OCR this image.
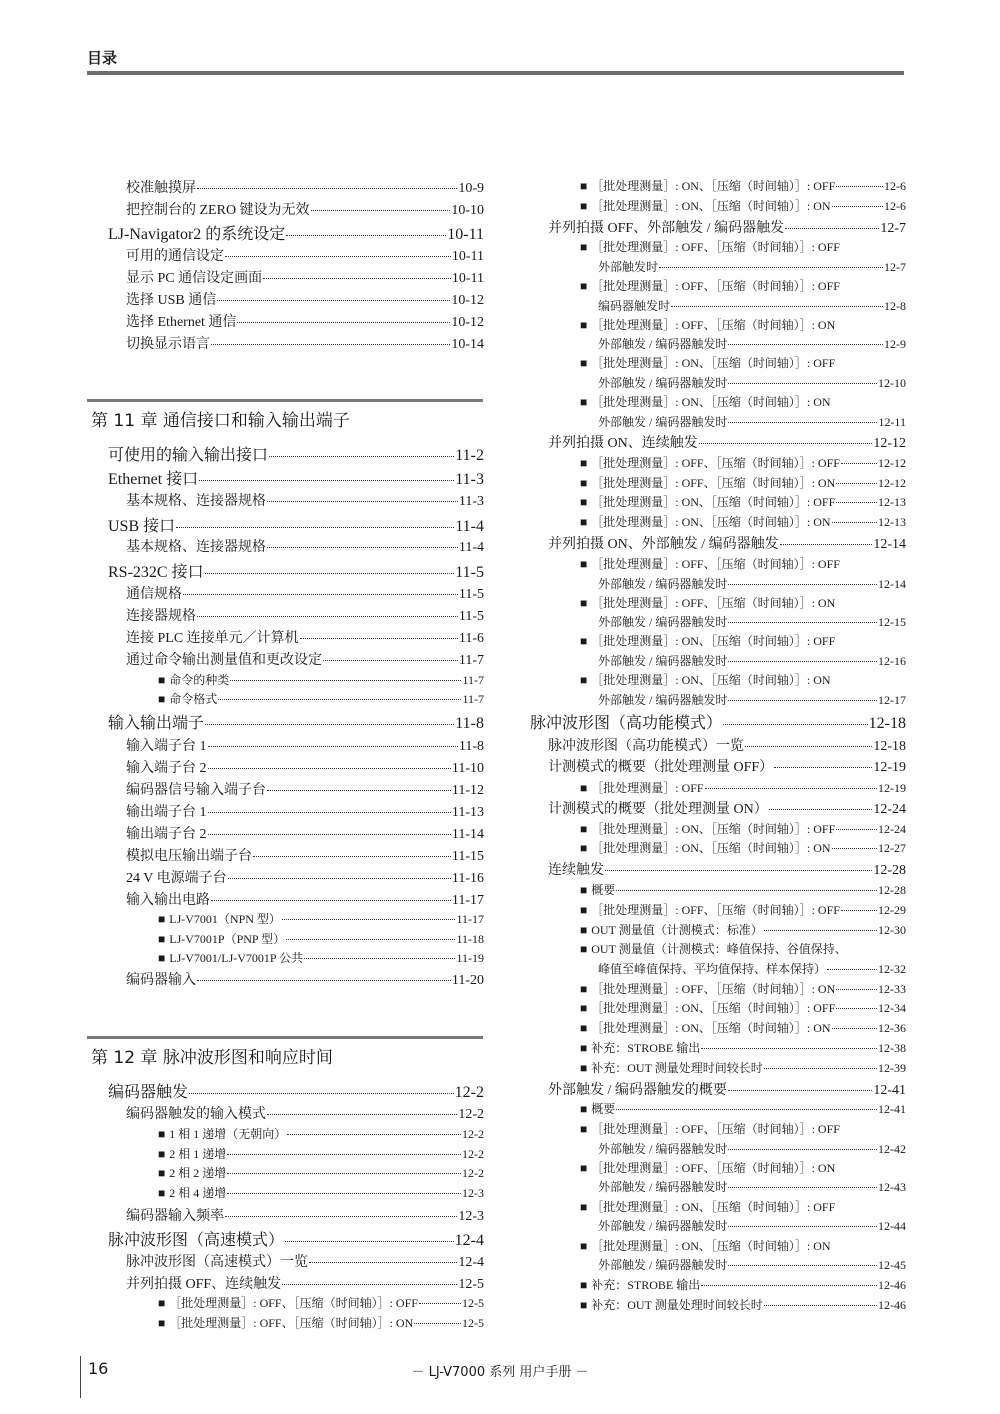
目录
校准触摸屏	10-9
把控制台的 ZERO 键设为无效	10-10
LJ-Navigator2 的系统设定	10-11
可用的通信设定	10-11
显示 PC 通信设定画面	10-11
选择 USB 通信	10-12
选择 Ethernet 通信	10-12
切换显示语言	10-14
第 11 章 通信接口和输入输出端子
可使用的输入输出接口	11-2
Ethernet 接口	11-3
基本规格、连接器规格	11-3
USB 接口	11-4
基本规格、连接器规格	11-4
RS-232C 接口	11-5
通信规格	11-5
连接器规格	11-5
连接 PLC 连接单元／计算机	11-6
通过命令输出测量值和更改设定	11-7
■ 命令的种类	11-7
■ 命令格式	11-7
输入输出端子	11-8
输入端子台 1	11-8
输入端子台 2	11-10
编码器信号输入端子台	11-12
输出端子台 1	11-13
输出端子台 2	11-14
模拟电压输出端子台	11-15
24 V 电源端子台	11-16
输入输出电路	11-17
■ LJ-V7001（NPN 型）	11-17
■ LJ-V7001P（PNP 型）	11-18
■ LJ-V7001/LJ-V7001P 公共	11-19
编码器输入	11-20
第 12 章 脉冲波形图和响应时间
编码器触发	12-2
编码器触发的输入模式	12-2
■ 1 相 1 递增（无朝向）	12-2
■ 2 相 1 递增	12-2
■ 2 相 2 递增	12-2
■ 2 相 4 递增	12-3
编码器输入频率	12-3
脉冲波形图（高速模式）	12-4
脉冲波形图（高速模式）一览	12-4
并列拍摄 OFF、连续触发	12-5
■ ［批处理测量］: OFF、［压缩（时间轴）］: OFF	12-5
■ ［批处理测量］: OFF、［压缩（时间轴）］: ON	12-5
■ ［批处理测量］: ON、［压缩（时间轴）］: OFF	12-6
■ ［批处理测量］: ON、［压缩（时间轴）］: ON	12-6
并列拍摄 OFF、外部触发 / 编码器触发	12-7
■ ［批处理测量］: OFF、［压缩（时间轴）］: OFF
外部触发时	12-7
■ ［批处理测量］: OFF、［压缩（时间轴）］: OFF
编码器触发时	12-8
■ ［批处理测量］: OFF、［压缩（时间轴）］: ON
外部触发 / 编码器触发时	12-9
■ ［批处理测量］: ON、［压缩（时间轴）］: OFF
外部触发 / 编码器触发时	12-10
■ ［批处理测量］: ON、［压缩（时间轴）］: ON
外部触发 / 编码器触发时	12-11
并列拍摄 ON、连续触发	12-12
■ ［批处理测量］: OFF、［压缩（时间轴）］: OFF	12-12
■ ［批处理测量］: OFF、［压缩（时间轴）］: ON	12-12
■ ［批处理测量］: ON、［压缩（时间轴）］: OFF	12-13
■ ［批处理测量］: ON、［压缩（时间轴）］: ON	12-13
并列拍摄 ON、外部触发 / 编码器触发	12-14
■ ［批处理测量］: OFF、［压缩（时间轴）］: OFF
外部触发 / 编码器触发时	12-14
■ ［批处理测量］: OFF、［压缩（时间轴）］: ON
外部触发 / 编码器触发时	12-15
■ ［批处理测量］: ON、［压缩（时间轴）］: OFF
外部触发 / 编码器触发时	12-16
■ ［批处理测量］: ON、［压缩（时间轴）］: ON
外部触发 / 编码器触发时	12-17
脉冲波形图（高功能模式）	12-18
脉冲波形图（高功能模式）一览	12-18
计测模式的概要（批处理测量 OFF）	12-19
■ ［批处理测量］: OFF	12-19
计测模式的概要（批处理测量 ON）	12-24
■ ［批处理测量］: ON、［压缩（时间轴）］: OFF	12-24
■ ［批处理测量］: ON、［压缩（时间轴）］: ON	12-27
连续触发	12-28
■ 概要	12-28
■ ［批处理测量］: OFF、［压缩（时间轴）］: OFF	12-29
■ OUT 测量值（计测模式：标准）	12-30
■ OUT 测量值（计测模式：峰值保持、谷值保持、
峰值至峰值保持、平均值保持、样本保持）	12-32
■ ［批处理测量］: OFF、［压缩（时间轴）］: ON	12-33
■ ［批处理测量］: ON、［压缩（时间轴）］: OFF	12-34
■ ［批处理测量］: ON、［压缩（时间轴）］: ON	12-36
■ 补充：STROBE 输出	12-38
■ 补充：OUT 测量处理时间较长时	12-39
外部触发 / 编码器触发的概要	12-41
■ 概要	12-41
■ ［批处理测量］: OFF、［压缩（时间轴）］: OFF
外部触发 / 编码器触发时	12-42
■ ［批处理测量］: OFF、［压缩（时间轴）］: ON
外部触发 / 编码器触发时	12-43
■ ［批处理测量］: ON、［压缩（时间轴）］: OFF
外部触发 / 编码器触发时	12-44
■ ［批处理测量］: ON、［压缩（时间轴）］: ON
外部触发 / 编码器触发时	12-45
■ 补充：STROBE 输出	12-46
■ 补充：OUT 测量处理时间较长时	12-46
16	－ LJ-V7000 系列 用户手册 －
